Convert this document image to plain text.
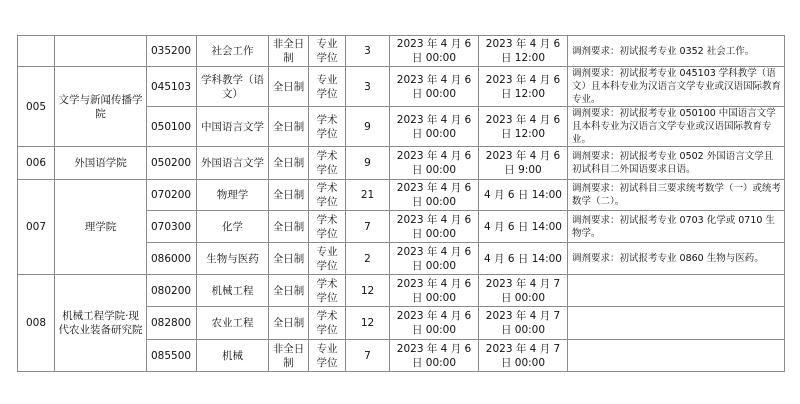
		035200	社会工作	非全日制	专业学位	3	2023 年 4 月 6 日 00:00	2023 年 4 月 6 日 12:00	调剂要求：初试报考专业 0352 社会工作。
005	文学与新闻传播学院	045103	学科教学（语文）	全日制	专业学位	3	2023 年 4 月 6 日 00:00	2023 年 4 月 6 日 12:00	调剂要求：初试报考专业 045103 学科教学（语文）且本科专业为汉语言文学专业或汉语国际教育专业。
		050100	中国语言文学	全日制	学术学位	9	2023 年 4 月 6 日 00:00	2023 年 4 月 6 日 12:00	调剂要求：初试报考专业 050100 中国语言文学且本科专业为汉语言文学专业或汉语国际教育专业。
006	外国语学院	050200	外国语言文学	全日制	学术学位	9	2023 年 4 月 6 日 00:00	2023 年 4 月 6 日 9:00	调剂要求：初试报考专业 0502 外国语言文学且初试科目二外国语要求日语。
007	理学院	070200	物理学	全日制	学术学位	21	2023 年 4 月 6 日 00:00	4 月 6 日 14:00	调剂要求：初试科目三要求统考数学（一）或统考数学（二）。
		070300	化学	全日制	学术学位	7	2023 年 4 月 6 日 00:00	4 月 6 日 14:00	调剂要求：初试报考专业 0703 化学或 0710 生物学。
		086000	生物与医药	全日制	专业学位	2	2023 年 4 月 6 日 00:00	4 月 6 日 14:00	调剂要求：初试报考专业 0860 生物与医药。
008	机械工程学院·现代农业装备研究院	080200	机械工程	全日制	学术学位	12	2023 年 4 月 6 日 00:00	2023 年 4 月 7 日 00:00	
		082800	农业工程	全日制	学术学位	12	2023 年 4 月 6 日 00:00	2023 年 4 月 7 日 00:00	
		085500	机械	非全日制	专业学位	7	2023 年 4 月 6 日 00:00	2023 年 4 月 7 日 00:00	
